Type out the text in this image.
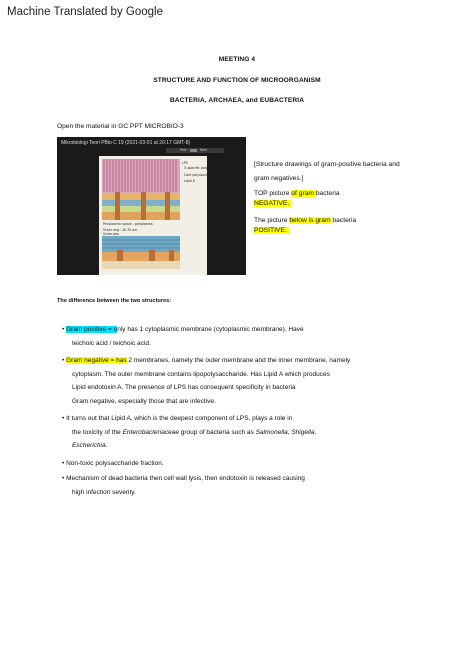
Machine Translated by Google
MEETING 4
STRUCTURE AND FUNCTION OF MICROORGANISM
BACTERIA, ARCHAEA, and EUBACTERIA
Open the material in GC PPT MICROBIO-3
Mikrobiologi Teori PBio C 19 (2021-03-01 at 20:17 GMT-8)
Prev	Next
LPS
O-specific polysaccharide
Core polysaccharide
Lipid A
Periplasmic space - periplasma
Gram neg.: 30-70 nm
Gram pos.
[Structure drawings of gram-positive bacteria and
gram negatives.]
TOP picture of gram bacteria
NEGATIVE.
The picture below is gram bacteria
POSITIVE.
The difference between the two structures:
• Gram positive = only has 1 cytoplasmic membrane (cytoplasmic membrane). Have
teichoic acid / teichoic acid.
• Gram negative = has 2 membranes, namely the outer membrane and the inner membrane, namely
cytoplasm. The outer membrane contains lipopolysaccharide. Has Lipid A which produces
Lipid endotoxin A. The presence of LPS has consequent specificity in bacteria
Gram negative, especially those that are infective.
• It turns out that Lipid A, which is the deepest component of LPS, plays a role in
the toxicity of the Enterobacteriaceae group of bacteria such as Salmonella, Shigella,
Escherichia.
• Non-toxic polysaccharide fraction.
• Mechanism of dead bacteria then cell wall lysis, then endotoxin is released causing
high infection severity.
